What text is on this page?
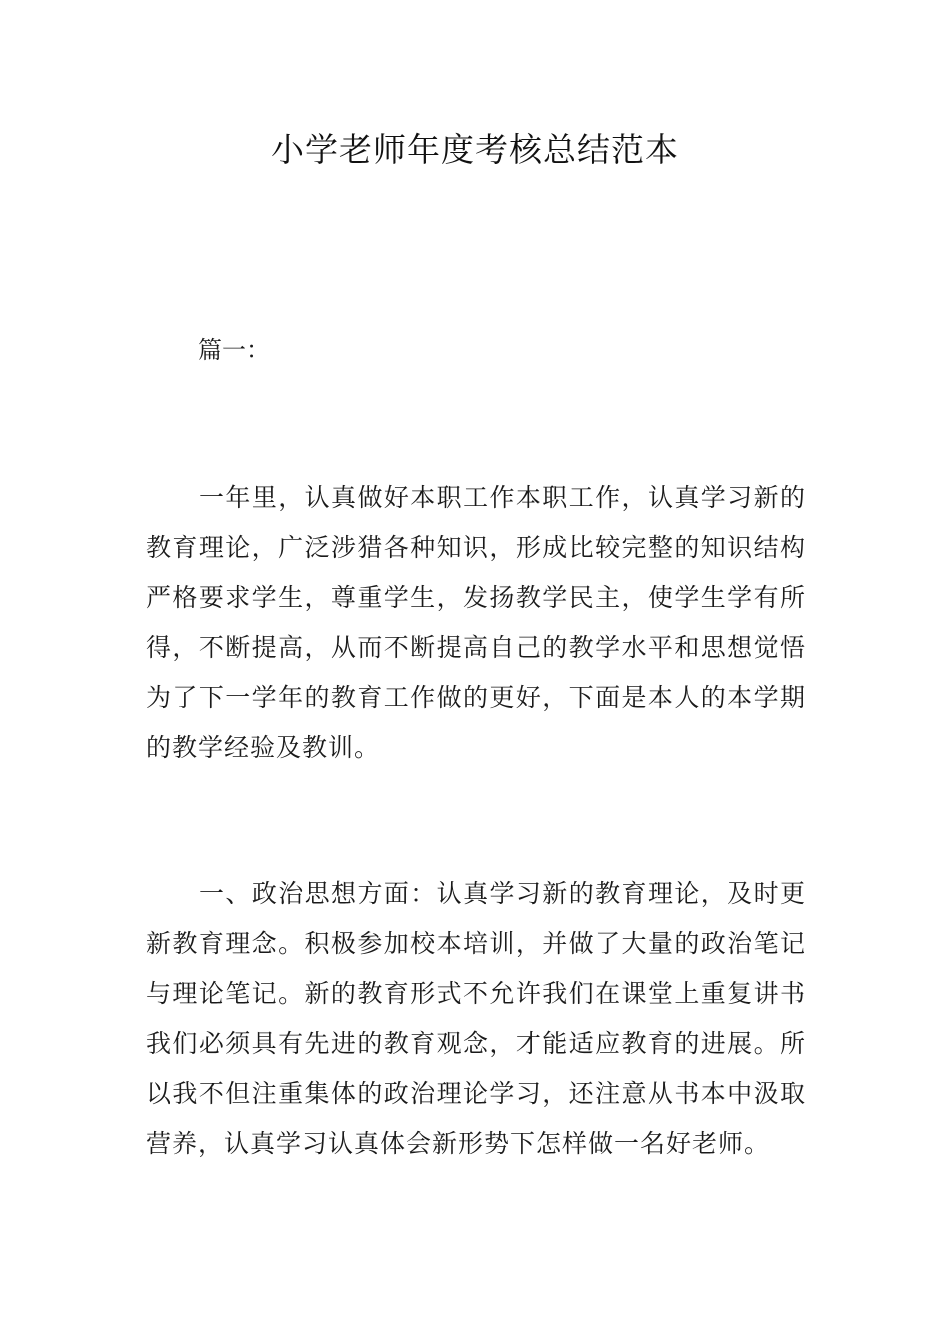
小学老师年度考核总结范本

篇一：

一年里，认真做好本职工作本职工作，认真学习新的
教育理论，广泛涉猎各种知识，形成比较完整的知识结构
严格要求学生，尊重学生，发扬教学民主，使学生学有所
得，不断提高，从而不断提高自己的教学水平和思想觉悟
为了下一学年的教育工作做的更好，下面是本人的本学期
的教学经验及教训。
一、政治思想方面：认真学习新的教育理论，及时更
新教育理念。积极参加校本培训，并做了大量的政治笔记
与理论笔记。新的教育形式不允许我们在课堂上重复讲书
我们必须具有先进的教育观念，才能适应教育的进展。所
以我不但注重集体的政治理论学习，还注意从书本中汲取
营养，认真学习认真体会新形势下怎样做一名好老师。
